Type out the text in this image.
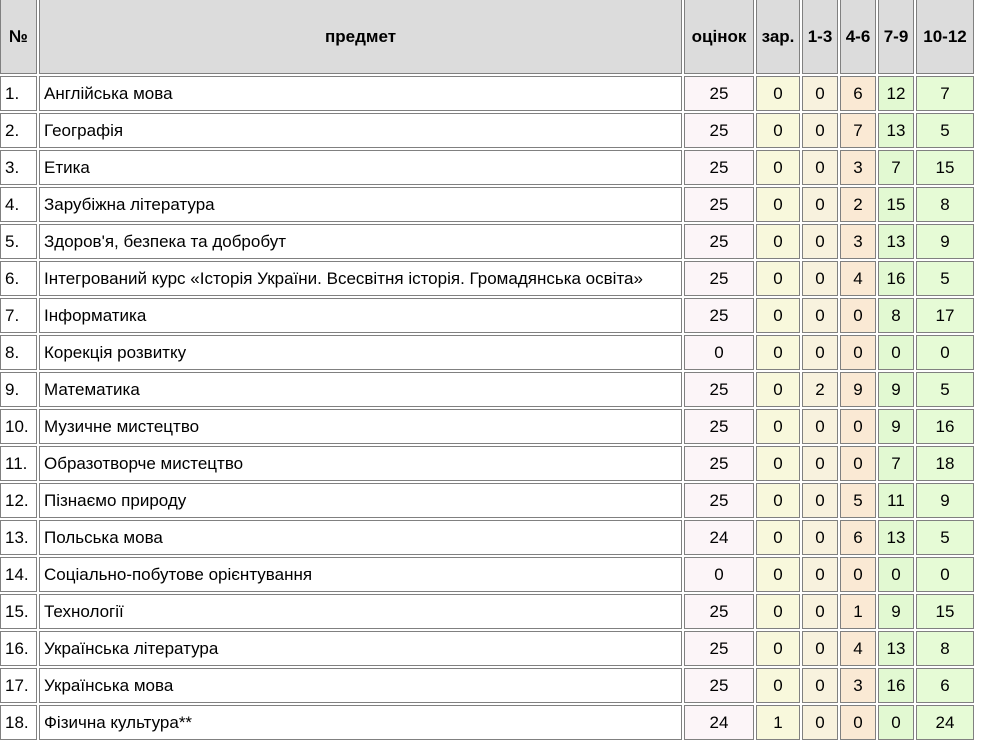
№	предмет	оцінок	зар.	1-3	4-6	7-9	10-12
1.	Англійська мова	25	0	0	6	12	7
2.	Географія	25	0	0	7	13	5
3.	Етика	25	0	0	3	7	15
4.	Зарубіжна література	25	0	0	2	15	8
5.	Здоров'я, безпека та добробут	25	0	0	3	13	9
6.	Інтегрований курс «Історія України. Всесвітня історія. Громадянська освіта»	25	0	0	4	16	5
7.	Інформатика	25	0	0	0	8	17
8.	Корекція розвитку	0	0	0	0	0	0
9.	Математика	25	0	2	9	9	5
10.	Музичне мистецтво	25	0	0	0	9	16
11.	Образотворче мистецтво	25	0	0	0	7	18
12.	Пізнаємо природу	25	0	0	5	11	9
13.	Польська мова	24	0	0	6	13	5
14.	Соціально-побутове орієнтування	0	0	0	0	0	0
15.	Технології	25	0	0	1	9	15
16.	Українська література	25	0	0	4	13	8
17.	Українська мова	25	0	0	3	16	6
18.	Фізична культура**	24	1	0	0	0	24
